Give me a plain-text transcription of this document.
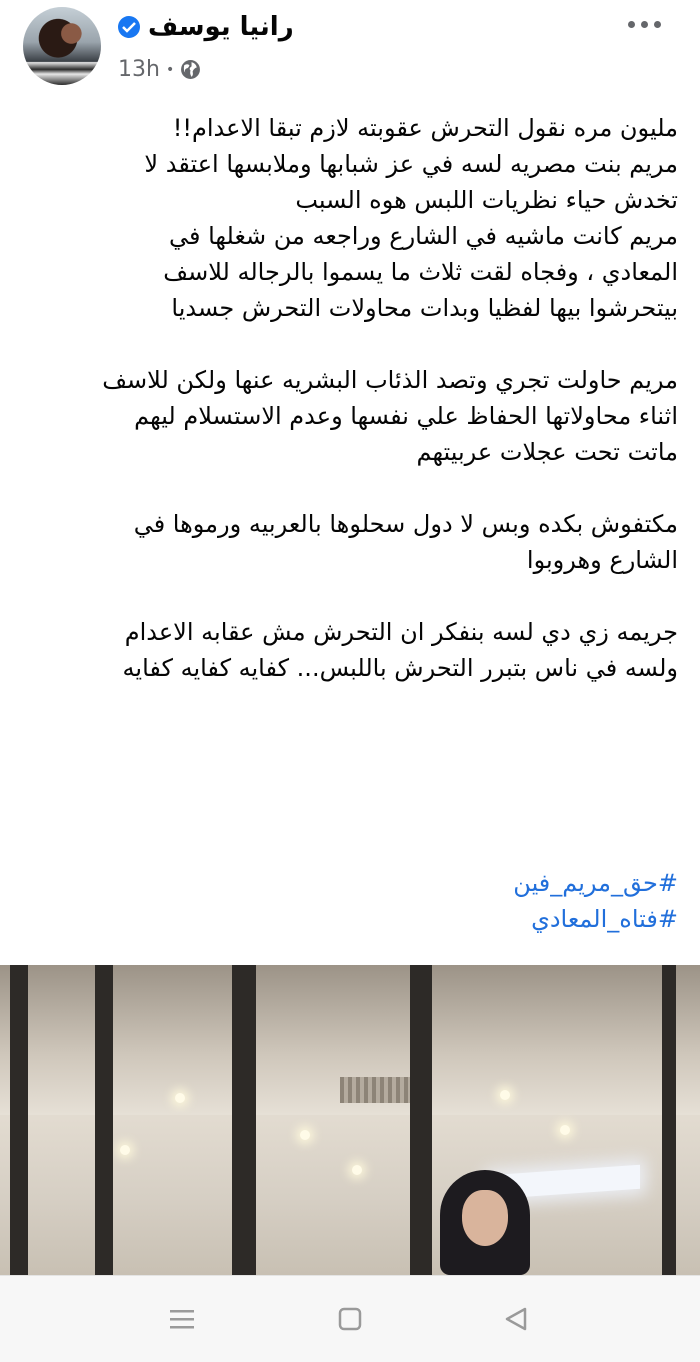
رانيا يوسف
13h •

مليون مره نقول التحرش عقوبته لازم تبقا الاعدام!!

مريم بنت مصريه لسه في عز شبابها وملابسها اعتقد لا

تخدش حياء نظريات اللبس هوه السبب

مريم كانت ماشيه في الشارع وراجعه من شغلها في

المعادي ، وفجاه لقت ثلاث ما يسموا بالرجاله للاسف

بيتحرشوا بيها لفظيا وبدات محاولات التحرش جسديا

مريم حاولت تجري وتصد الذئاب البشريه عنها ولكن للاسف

اثناء محاولاتها الحفاظ علي نفسها وعدم الاستسلام ليهم

ماتت تحت عجلات عربيتهم

مكتفوش بكده وبس لا دول سحلوها بالعربيه ورموها في

الشارع وهروبوا

جريمه زي دي لسه بنفكر ان التحرش مش عقابه الاعدام

ولسه في ناس بتبرر التحرش باللبس... كفايه كفايه كفايه

#حق_مريم_فين
#فتاه_المعادي
